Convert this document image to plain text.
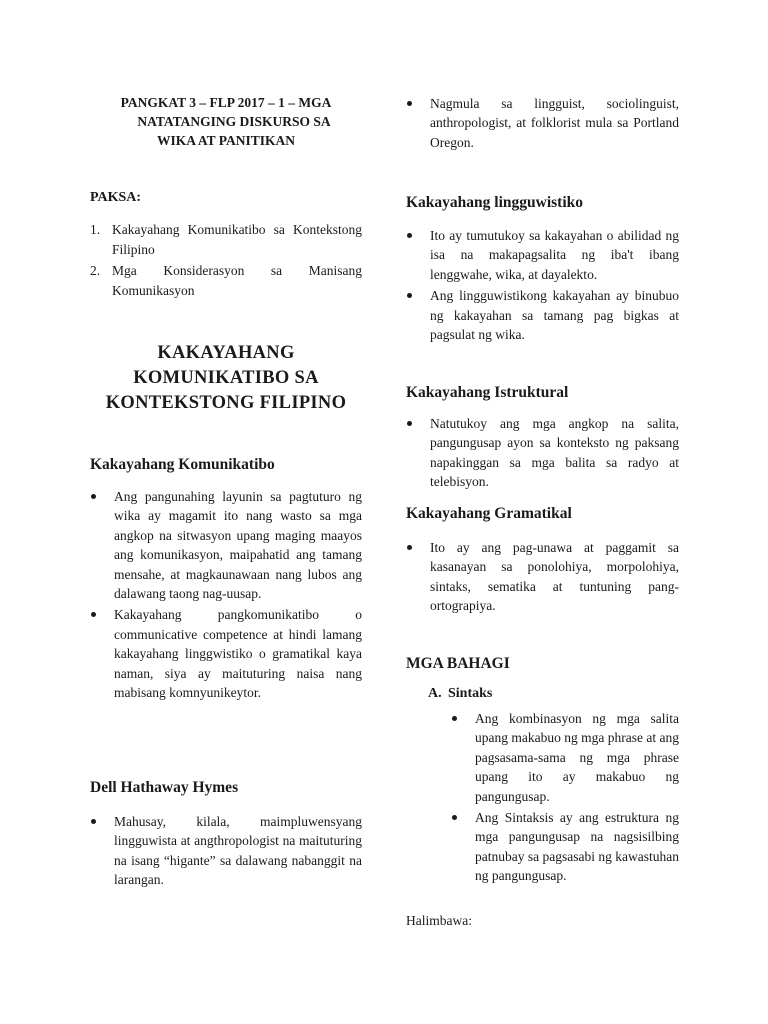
PANGKAT 3 – FLP 2017 – 1 – MGA
NATATANGING DISKURSO SA
WIKA AT PANITIKAN
PAKSA:
1. Kakayahang Komunikatibo sa Kontekstong Filipino
2. Mga Konsiderasyon sa Manisang Komunikasyon
KAKAYAHANG
KOMUNIKATIBO SA
KONTEKSTONG FILIPINO
Kakayahang Komunikatibo
Ang pangunahing layunin sa pagtuturo ng wika ay magamit ito nang wasto sa mga angkop na sitwasyon upang maging maayos ang komunikasyon, maipahatid ang tamang mensahe, at magkaunawaan nang lubos ang dalawang taong nag-uusap.
Kakayahang pangkomunikatibo o communicative competence at hindi lamang kakayahang linggwistiko o gramatikal kaya naman, siya ay maituturing naisa nang mabisang komnyunikeytor.
Dell Hathaway Hymes
Mahusay, kilala, maimpluwensyang lingguwista at angthropologist na maituturing na isang “higante” sa dalawang nabanggit na larangan.
Nagmula sa lingguist, sociolinguist, anthropologist, at folklorist mula sa Portland Oregon.
Kakayahang lingguwistiko
Ito ay tumutukoy sa kakayahan o abilidad ng isa na makapagsalita ng iba't ibang lenggwahe, wika, at dayalekto.
Ang lingguwistikong kakayahan ay binubuo ng kakayahan sa tamang pag bigkas at pagsulat ng wika.
Kakayahang Istruktural
Natutukoy ang mga angkop na salita, pangungusap ayon sa konteksto ng paksang napakinggan sa mga balita sa radyo at telebisyon.
Kakayahang Gramatikal
Ito ay ang pag-unawa at paggamit sa kasanayan sa ponolohiya, morpolohiya, sintaks, sematika at tuntuning pang-ortograpiya.
MGA BAHAGI
A. Sintaks
Ang kombinasyon ng mga salita upang makabuo ng mga phrase at ang pagsasama-sama ng mga phrase upang ito ay makabuo ng pangungusap.
Ang Sintaksis ay ang estruktura ng mga pangungusap na nagsisilbing patnubay sa pagsasabi ng kawastuhan ng pangungusap.
Halimbawa:
